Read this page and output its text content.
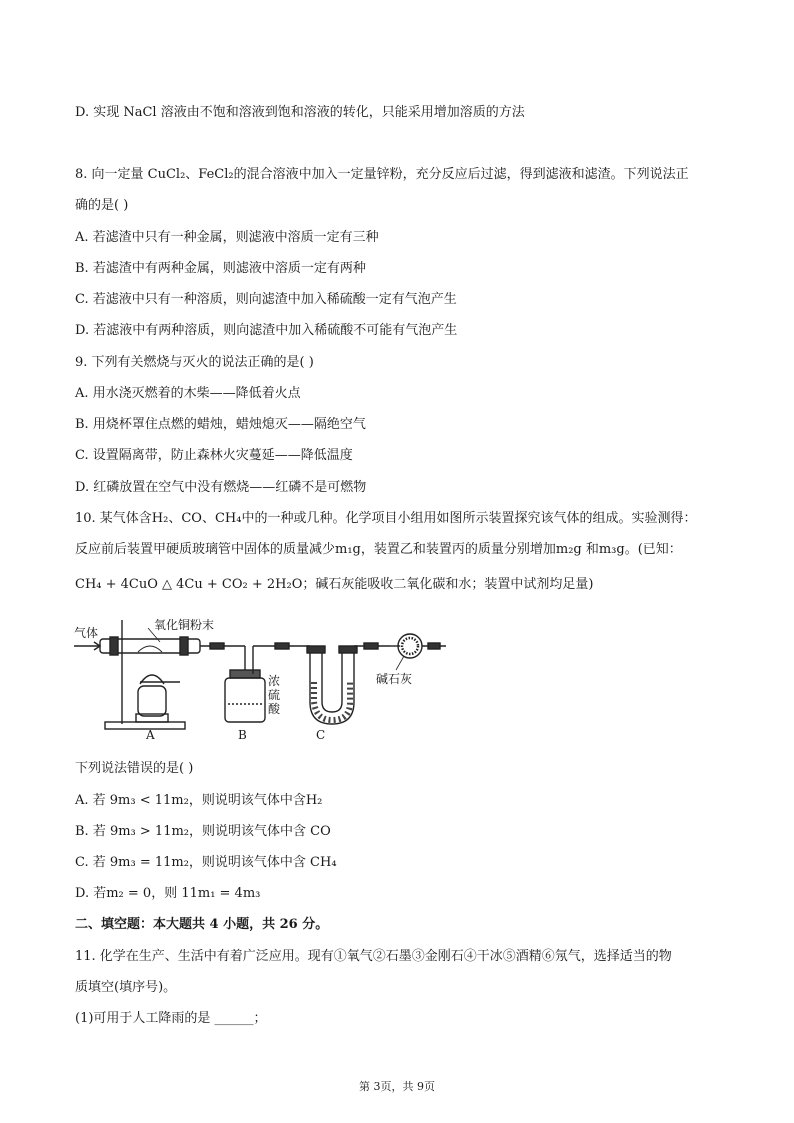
D. 实现 NaCl 溶液由不饱和溶液到饱和溶液的转化，只能采用增加溶质的方法
8. 向一定量 CuCl₂、FeCl₂的混合溶液中加入一定量锌粉，充分反应后过滤，得到滤液和滤渣。下列说法正
确的是( )
A. 若滤渣中只有一种金属，则滤液中溶质一定有三种
B. 若滤渣中有两种金属，则滤液中溶质一定有两种
C. 若滤液中只有一种溶质，则向滤渣中加入稀硫酸一定有气泡产生
D. 若滤液中有两种溶质，则向滤渣中加入稀硫酸不可能有气泡产生
9. 下列有关燃烧与灭火的说法正确的是( )
A. 用水浇灭燃着的木柴——降低着火点
B. 用烧杯罩住点燃的蜡烛，蜡烛熄灭——隔绝空气
C. 设置隔离带，防止森林火灾蔓延——降低温度
D. 红磷放置在空气中没有燃烧——红磷不是可燃物
10. 某气体含H₂、CO、CH₄中的一种或几种。化学项目小组用如图所示装置探究该气体的组成。实验测得：
反应前后装置甲硬质玻璃管中固体的质量减少m₁g，装置乙和装置丙的质量分别增加m₂g 和m₃g。(已知：
CH₄ + 4CuO △ 4Cu + CO₂ + 2H₂O；碱石灰能吸收二氧化碳和水；装置中试剂均足量)
气体
氧化铜粉末
浓硫酸
碱石灰
A	B	C
下列说法错误的是( )
A. 若 9m₃ < 11m₂，则说明该气体中含H₂
B. 若 9m₃ > 11m₂，则说明该气体中含 CO
C. 若 9m₃ = 11m₂，则说明该气体中含 CH₄
D. 若m₂ = 0，则 11m₁ = 4m₃
二、填空题：本大题共 4 小题，共 26 分。
11. 化学在生产、生活中有着广泛应用。现有①氧气②石墨③金刚石④干冰⑤酒精⑥氖气，选择适当的物
质填空(填序号)。
(1)可用于人工降雨的是 ______；
第 3页，共 9页
